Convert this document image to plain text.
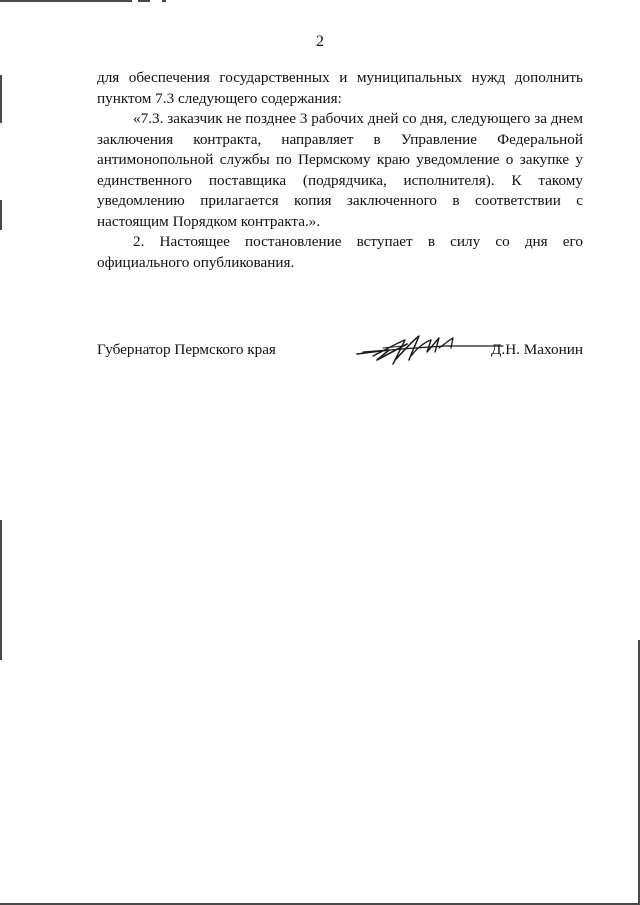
2

для обеспечения государственных и муниципальных нужд дополнить пунктом 7.3 следующего содержания:

«7.3. заказчик не позднее 3 рабочих дней со дня, следующего за днем заключения контракта, направляет в Управление Федеральной антимонопольной службы по Пермскому краю уведомление о закупке у единственного поставщика (подрядчика, исполнителя). К такому уведомлению прилагается копия заключенного в соответствии с настоящим Порядком контракта.».

2. Настоящее постановление вступает в силу со дня его официального опубликования.

Губернатор Пермского края	Д.Н. Махонин
